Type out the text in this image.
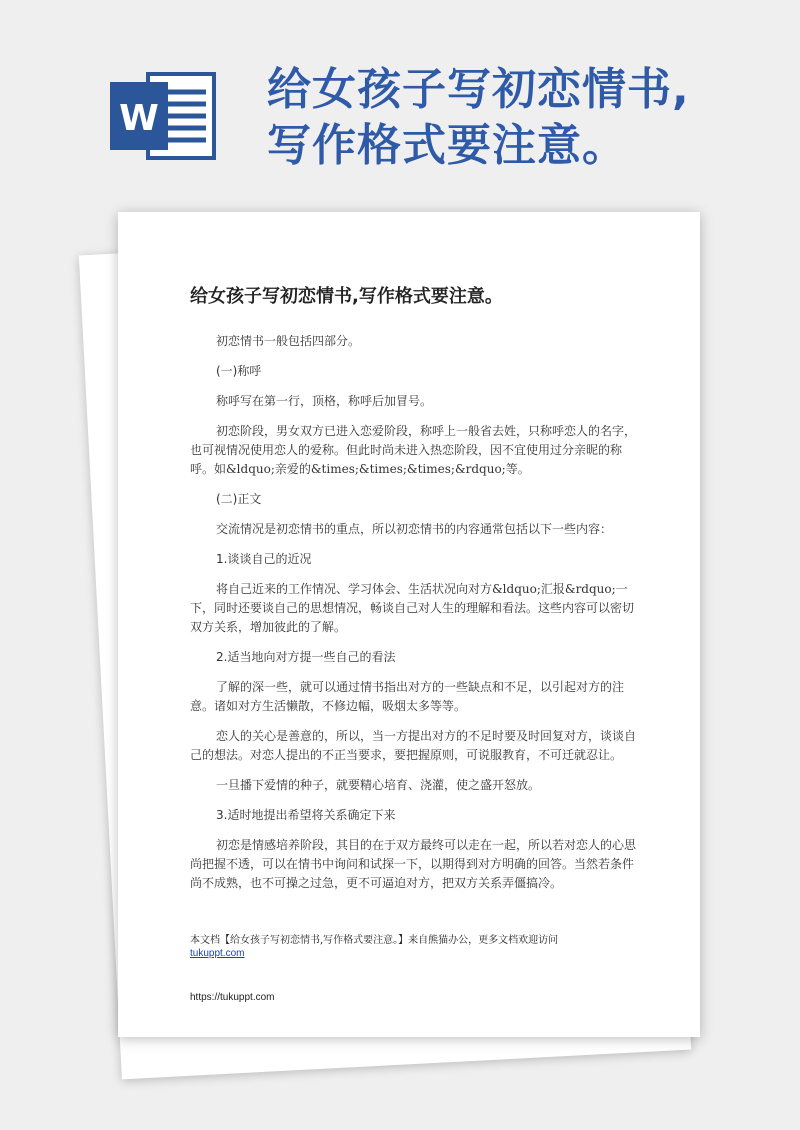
W
给女孩子写初恋情书,
写作格式要注意。
给女孩子写初恋情书,写作格式要注意。

初恋情书一般包括四部分。

(一)称呼

称呼写在第一行，顶格，称呼后加冒号。

初恋阶段，男女双方已进入恋爱阶段，称呼上一般省去姓，只称呼恋人的名字，也可视情况使用恋人的爱称。但此时尚未进入热恋阶段，因不宜使用过分亲昵的称呼。如&ldquo;亲爱的&times;&times;&times;&rdquo;等。

(二)正文

交流情况是初恋情书的重点，所以初恋情书的内容通常包括以下一些内容：

1.谈谈自己的近况

将自己近来的工作情况、学习体会、生活状况向对方&ldquo;汇报&rdquo;一下，同时还要谈自己的思想情况，畅谈自己对人生的理解和看法。这些内容可以密切双方关系，增加彼此的了解。

2.适当地向对方提一些自己的看法

了解的深一些，就可以通过情书指出对方的一些缺点和不足，以引起对方的注意。诸如对方生活懒散，不修边幅，吸烟太多等等。

恋人的关心是善意的，所以，当一方提出对方的不足时要及时回复对方，谈谈自己的想法。对恋人提出的不正当要求，要把握原则，可说服教育，不可迁就忍让。

一旦播下爱情的种子，就要精心培育、浇灌，使之盛开怒放。

3.适时地提出希望将关系确定下来

初恋是情感培养阶段，其目的在于双方最终可以走在一起，所以若对恋人的心思尚把握不透，可以在情书中询问和试探一下，以期得到对方明确的回答。当然若条件尚不成熟，也不可操之过急，更不可逼迫对方，把双方关系弄僵搞冷。

本文档【给女孩子写初恋情书,写作格式要注意。】来自熊猫办公，更多文档欢迎访问
tukuppt.com
https://tukuppt.com
